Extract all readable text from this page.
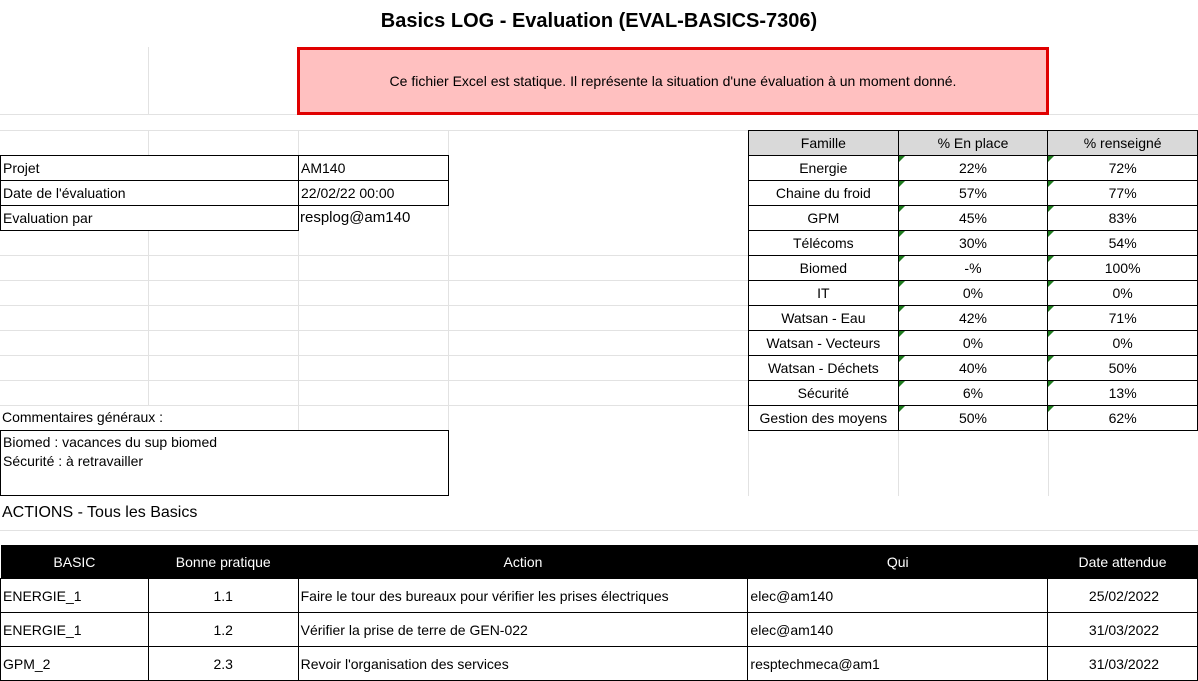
Basics LOG - Evaluation (EVAL-BASICS-7306)
Ce fichier Excel est statique. Il représente la situation d'une évaluation à un moment donné.
Projet	AM140
Date de l'évaluation	22/02/22 00:00
Evaluation par	resplog@am140
Commentaires généraux :
Biomed : vacances du sup biomed
Sécurité : à retravailler
Famille	% En place	% renseigné
Energie	22%	72%
Chaine du froid	57%	77%
GPM	45%	83%
Télécoms	30%	54%
Biomed	-%	100%
IT	0%	0%
Watsan - Eau	42%	71%
Watsan - Vecteurs	0%	0%
Watsan - Déchets	40%	50%
Sécurité	6%	13%
Gestion des moyens	50%	62%
ACTIONS - Tous les Basics
BASIC	Bonne pratique	Action	Qui	Date attendue
ENERGIE_1	1.1	Faire le tour des bureaux pour vérifier les prises électriques	elec@am140	25/02/2022
ENERGIE_1	1.2	Vérifier la prise de terre de GEN-022	elec@am140	31/03/2022
GPM_2	2.3	Revoir l'organisation des services	resptechmeca@am1	31/03/2022
